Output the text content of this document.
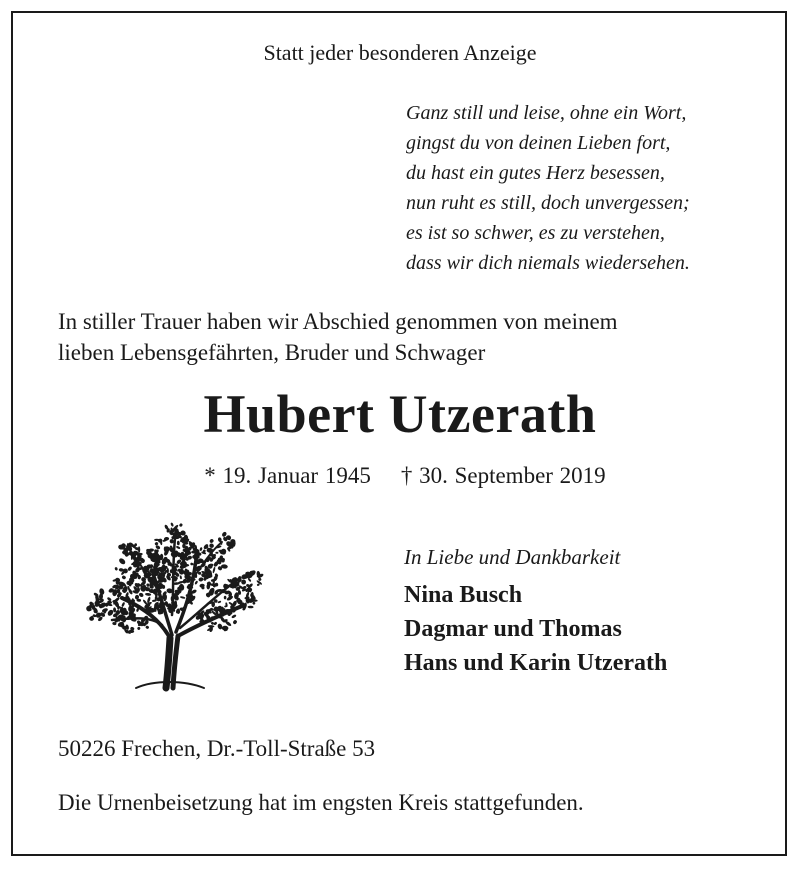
Statt jeder besonderen Anzeige
Ganz still und leise, ohne ein Wort,
gingst du von deinen Lieben fort,
du hast ein gutes Herz besessen,
nun ruht es still, doch unvergessen;
es ist so schwer, es zu verstehen,
dass wir dich niemals wiedersehen.
In stiller Trauer haben wir Abschied genommen von meinem
lieben Lebensgefährten, Bruder und Schwager
Hubert Utzerath
* 19. Januar 1945 † 30. September 2019
In Liebe und Dankbarkeit
Nina Busch
Dagmar und Thomas
Hans und Karin Utzerath
50226 Frechen, Dr.-Toll-Straße 53
Die Urnenbeisetzung hat im engsten Kreis stattgefunden.
